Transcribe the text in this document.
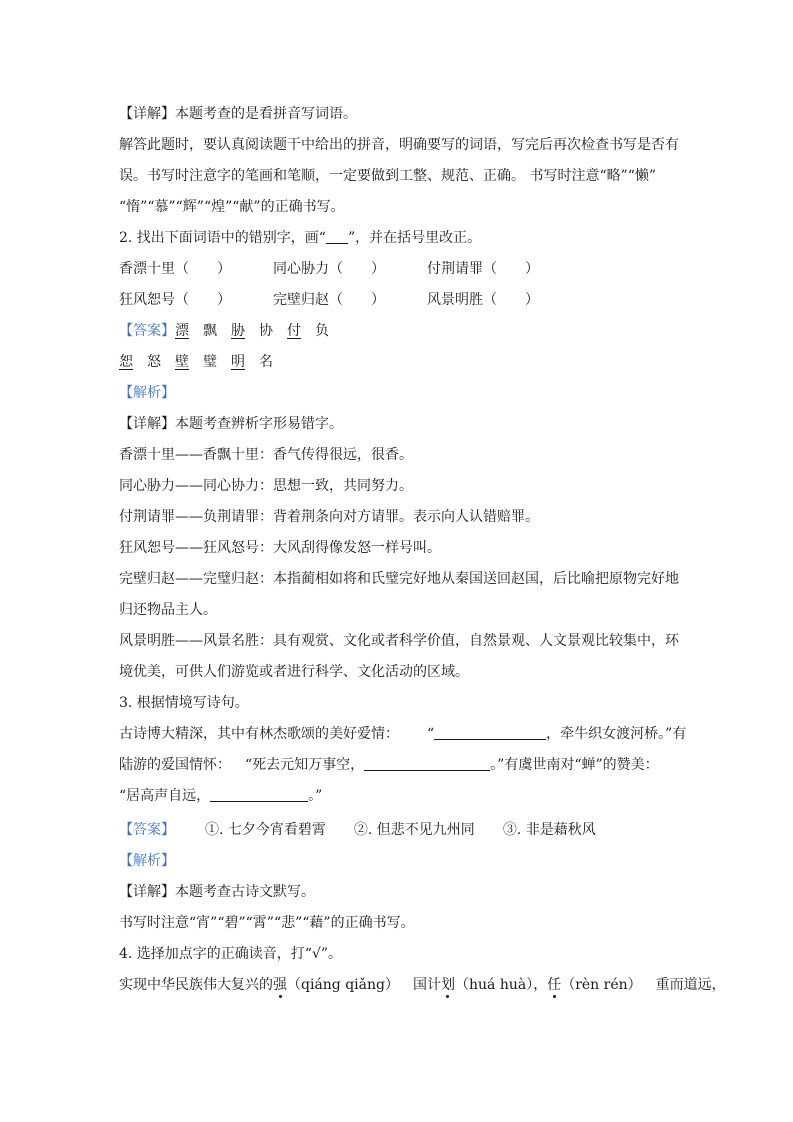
【详解】本题考查的是看拼音写词语。
解答此题时，要认真阅读题干中给出的拼音，明确要写的词语，写完后再次检查书写是否有
误。书写时注意字的笔画和笔顺，一定要做到工整、规范、正确。 书写时注意“略”“懒”
“惰”“慕”“辉”“煌”“献”的正确书写。
2. 找出下面词语中的错别字，画“ ”，并在括号里改正。
香漂十里（　　）	同心胁力（　　）	付荆请罪（　　）
狂风恕号（　　）	完壁归赵（　　）	风景明胜（　　）
【答案】漂 飘 胁 协 付 负
恕 怒 壁 璧 明 名
【解析】
【详解】本题考查辨析字形易错字。
香漂十里——香飘十里：香气传得很远，很香。
同心胁力——同心协力：思想一致，共同努力。
付荆请罪——负荆请罪：背着荆条向对方请罪。表示向人认错赔罪。
狂风恕号——狂风怒号：大风刮得像发怒一样号叫。
完壁归赵——完璧归赵：本指蔺相如将和氏璧完好地从秦国送回赵国，后比喻把原物完好地
归还物品主人。
风景明胜——风景名胜：具有观赏、文化或者科学价值，自然景观、人文景观比较集中，环
境优美，可供人们游览或者进行科学、文化活动的区域。
3. 根据情境写诗句。
古诗博大精深，其中有林杰歌颂的美好爱情： “	，牵牛织女渡河桥。”有
陆游的爱国情怀： “死去元知万事空，	。”有虞世南对“蝉”的赞美：
“居高声自远，	。”
【答案】 ①. 七夕今宵看碧霄 ②. 但悲不见九州同 ③. 非是藉秋风
【解析】
【详解】本题考查古诗文默写。
书写时注意“宵”“碧”“霄”“悲”“藉”的正确书写。
4. 选择加点字的正确读音，打“√”。
实现中华民族伟大复兴的强（qiáng qiǎng） 国计划（huá huà），任（rèn rén） 重而道远，
